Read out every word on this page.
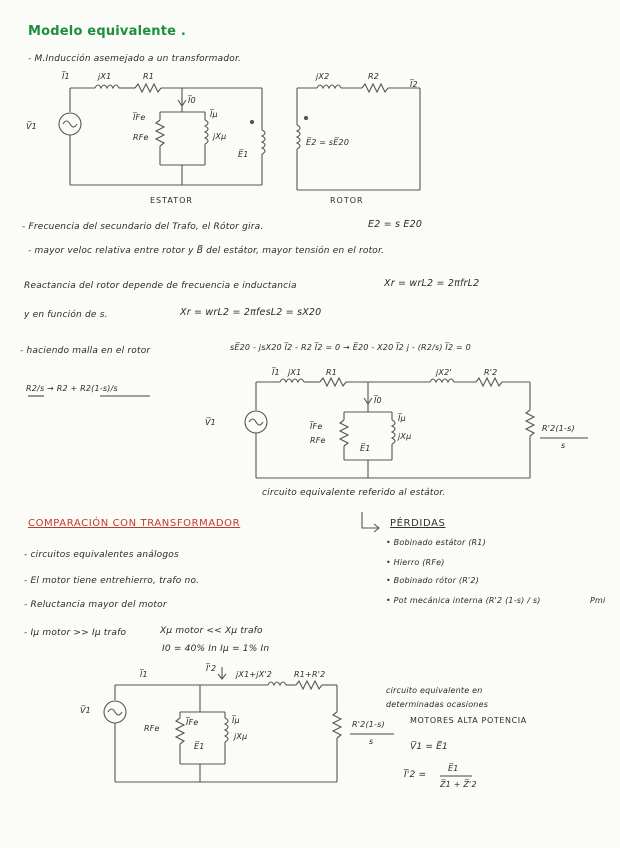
Modelo equivalente .
- M.Inducción asemejado a un transformador.
I̅1	jX1	R1
V̅1
I̅0
I̅Fe
RFe
I̅μ
jXμ
E̅1
jX2	R2
I̅2
E̅2 = sE̅20
ESTATOR	ROTOR
- Frecuencia del secundario del Trafo, el Rótor gira.	E2 = s E20
- mayor veloc relativa entre rotor y B̅ del estátor, mayor tensión en el rotor.
Reactancia del rotor depende de frecuencia e inductancia	Xr = wrL2 = 2πfrL2
y en función de s.	Xr = wrL2 = 2πfesL2 = sX20
- haciendo malla en el rotor	sE̅20 - jsX20 I̅2 - R2 I̅2 = 0 → E̅20 - X20 I̅2 j - (R2/s) I̅2 = 0
R2/s → R2 + R2(1-s)/s
I̅1 jX1	R1	jX2'	R'2
V̅1
I̅0
I̅Fe
RFe
I̅μ
jXμ
E̅1
R'2(1-s)
s
circuito equivalente referido al estátor.
COMPARACIÓN CON TRANSFORMADOR
- circuitos equivalentes análogos
- El motor tiene entrehierro, trafo no.
- Reluctancia mayor del motor
- Iμ motor >> Iμ trafo	Xμ motor << Xμ trafo
I0 = 40% In Iμ = 1% In
PÉRDIDAS
• Bobinado estátor (R1)
• Hierro (RFe)
• Bobinado rótor (R'2)
• Pot mecánica interna (R'2 (1-s) / s)	Pmi
I̅1
I̅'2
jX1+jX'2	R1+R'2
V̅1
RFe
I̅Fe	I̅μ
jXμ
E̅1
R'2(1-s)
s
circuito equivalente en
determinadas ocasiones
MOTORES ALTA POTENCIA
V̅1 = E̅1
I̅'2 =
E̅1
Z̅1 + Z̅'2
